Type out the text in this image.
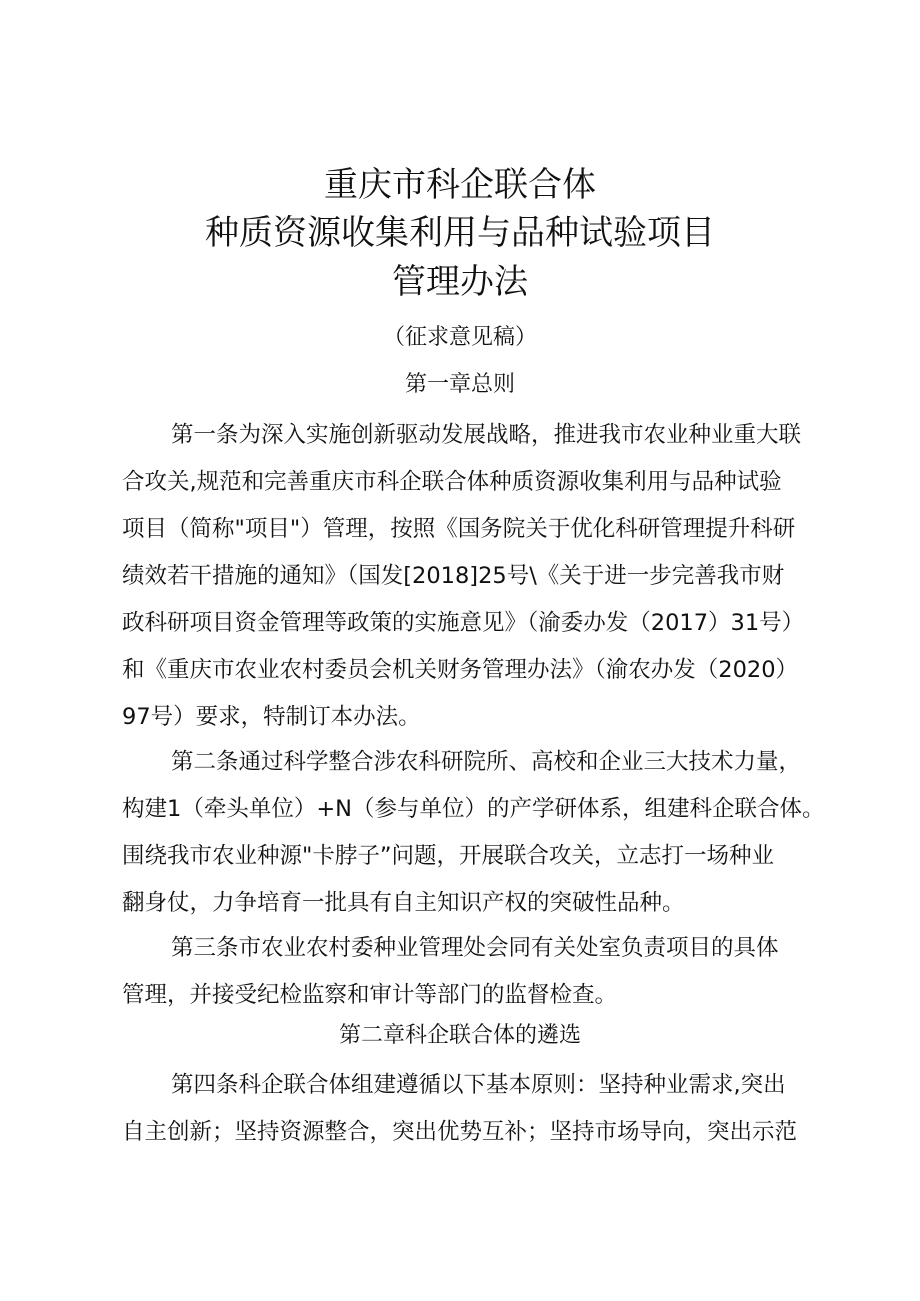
重庆市科企联合体
种质资源收集利用与品种试验项目
管理办法
（征求意见稿）
第一章总则
第一条为深入实施创新驱动发展战略，推进我市农业种业重大联
合攻关,规范和完善重庆市科企联合体种质资源收集利用与品种试验
项目（简称"项目"）管理，按照《国务院关于优化科研管理提升科研
绩效若干措施的通知》（国发[2018]25号\《关于进一步完善我市财
政科研项目资金管理等政策的实施意见》（渝委办发（2017）31号）
和《重庆市农业农村委员会机关财务管理办法》（渝农办发（2020）
97号）要求，特制订本办法。
第二条通过科学整合涉农科研院所、高校和企业三大技术力量，
构建1（牵头单位）+N（参与单位）的产学研体系，组建科企联合体。
围绕我市农业种源"卡脖子”问题，开展联合攻关，立志打一场种业
翻身仗，力争培育一批具有自主知识产权的突破性品种。
第三条市农业农村委种业管理处会同有关处室负责项目的具体
管理，并接受纪检监察和审计等部门的监督检查。
第二章科企联合体的遴选
第四条科企联合体组建遵循以下基本原则：坚持种业需求,突出
自主创新；坚持资源整合，突出优势互补；坚持市场导向，突出示范
